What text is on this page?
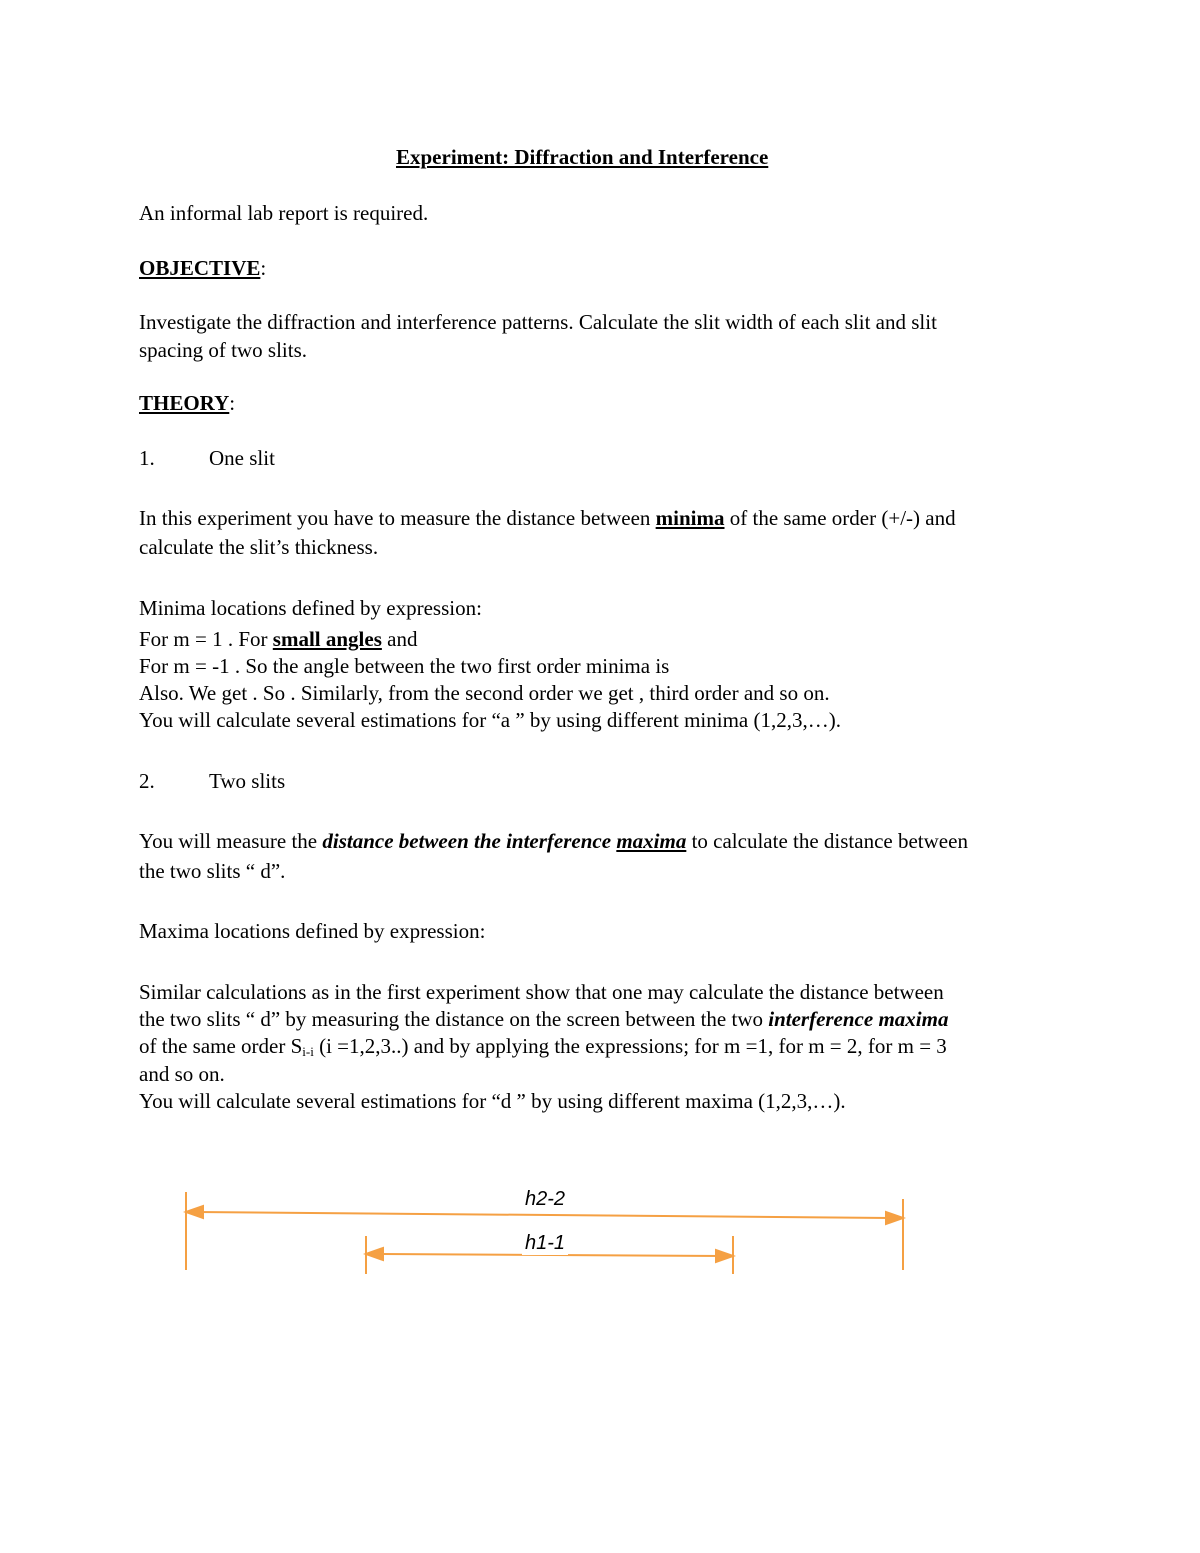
Experiment: Diffraction and Interference
An informal lab report is required.
OBJECTIVE:
Investigate the diffraction and interference patterns. Calculate the slit width of each slit and slit
spacing of two slits.
THEORY:
1.	One slit
In this experiment you have to measure the distance between minima of the same order (+/-) and
calculate the slit’s thickness.
Minima locations defined by expression:
For m = 1 . For small angles and
For m = -1 . So the angle between the two first order minima is
Also. We get . So . Similarly, from the second order we get , third order and so on.
You will calculate several estimations for “a ” by using different minima (1,2,3,…).
2.	Two slits
You will measure the distance between the interference maxima to calculate the distance between
the two slits “ d”.
Maxima locations defined by expression:
Similar calculations as in the first experiment show that one may calculate the distance between
the two slits “ d” by measuring the distance on the screen between the two interference maxima
of the same order $S_{i-i}$ (i =1,2,3..) and by applying the expressions; for m =1, for m = 2, for m = 3
and so on.
You will calculate several estimations for “d ” by using different maxima (1,2,3,…).
h2-2
h1-1
